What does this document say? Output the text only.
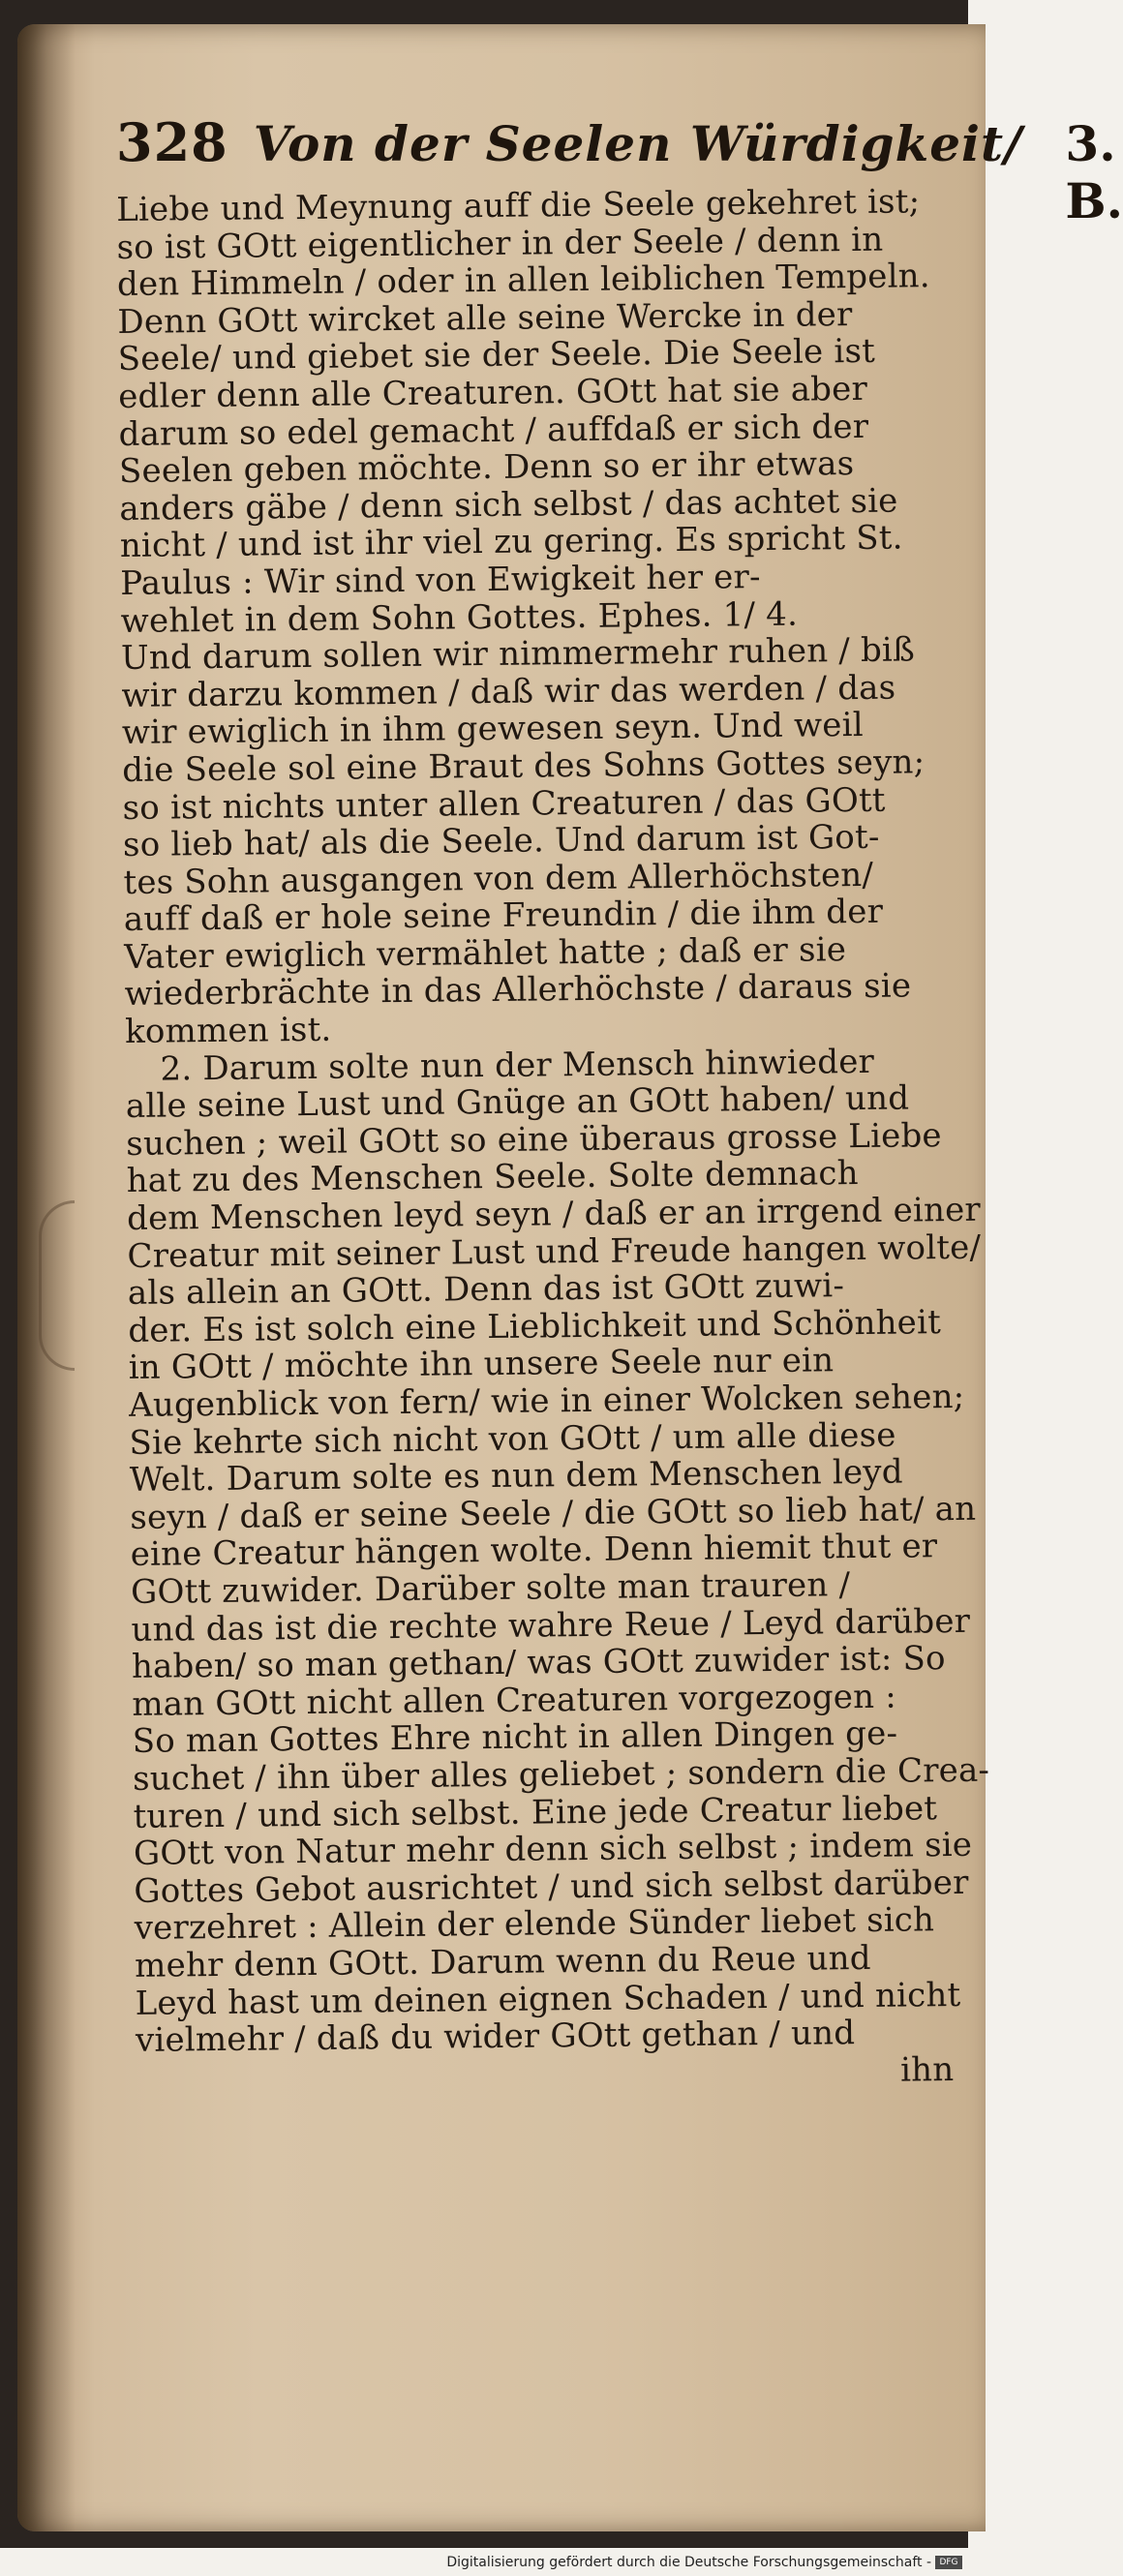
328 Von der Seelen Würdigkeit/ 3. B.
Liebe und Meynung auff die Seele gekehret ist;
so ist GOtt eigentlicher in der Seele / denn in
den Himmeln / oder in allen leiblichen Tempeln.
Denn GOtt wircket alle seine Wercke in der
Seele/ und giebet sie der Seele. Die Seele ist
edler denn alle Creaturen. GOtt hat sie aber
darum so edel gemacht / auffdaß er sich der
Seelen geben möchte. Denn so er ihr etwas
anders gäbe / denn sich selbst / das achtet sie
nicht / und ist ihr viel zu gering. Es spricht St.
Paulus : Wir sind von Ewigkeit her er-
wehlet in dem Sohn Gottes. Ephes. 1/ 4.
Und darum sollen wir nimmermehr ruhen / biß
wir darzu kommen / daß wir das werden / das
wir ewiglich in ihm gewesen seyn. Und weil
die Seele sol eine Braut des Sohns Gottes seyn;
so ist nichts unter allen Creaturen / das GOtt
so lieb hat/ als die Seele. Und darum ist Got-
tes Sohn ausgangen von dem Allerhöchsten/
auff daß er hole seine Freundin / die ihm der
Vater ewiglich vermählet hatte ; daß er sie
wiederbrächte in das Allerhöchste / daraus sie
kommen ist.
2. Darum solte nun der Mensch hinwieder
alle seine Lust und Gnüge an GOtt haben/ und
suchen ; weil GOtt so eine überaus grosse Liebe
hat zu des Menschen Seele. Solte demnach
dem Menschen leyd seyn / daß er an irrgend einer
Creatur mit seiner Lust und Freude hangen wolte/
als allein an GOtt. Denn das ist GOtt zuwi-
der. Es ist solch eine Lieblichkeit und Schönheit
in GOtt / möchte ihn unsere Seele nur ein
Augenblick von fern/ wie in einer Wolcken sehen;
Sie kehrte sich nicht von GOtt / um alle diese
Welt. Darum solte es nun dem Menschen leyd
seyn / daß er seine Seele / die GOtt so lieb hat/ an
eine Creatur hängen wolte. Denn hiemit thut er
GOtt zuwider. Darüber solte man trauren /
und das ist die rechte wahre Reue / Leyd darüber
haben/ so man gethan/ was GOtt zuwider ist: So
man GOtt nicht allen Creaturen vorgezogen :
So man Gottes Ehre nicht in allen Dingen ge-
suchet / ihn über alles geliebet ; sondern die Crea-
turen / und sich selbst. Eine jede Creatur liebet
GOtt von Natur mehr denn sich selbst ; indem sie
Gottes Gebot ausrichtet / und sich selbst darüber
verzehret : Allein der elende Sünder liebet sich
mehr denn GOtt. Darum wenn du Reue und
Leyd hast um deinen eignen Schaden / und nicht
vielmehr / daß du wider GOtt gethan / und
ihn
Digitalisierung gefördert durch die Deutsche Forschungsgemeinschaft - DFG
